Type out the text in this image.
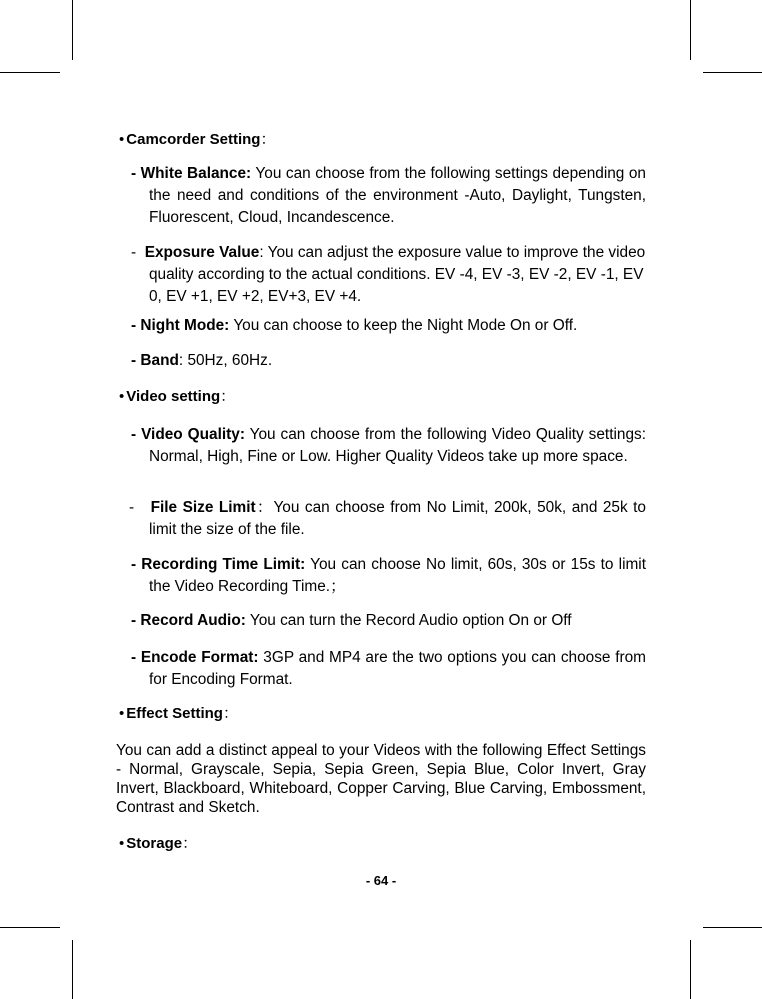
• Camcorder Setting：
- White Balance: You can choose from the following settings depending on the need and conditions of the environment -Auto, Daylight, Tungsten, Fluorescent, Cloud, Incandescence.
- Exposure Value: You can adjust the exposure value to improve the video quality according to the actual conditions. EV -4, EV -3, EV -2, EV -1, EV 0, EV +1, EV +2, EV+3, EV +4.
- Night Mode: You can choose to keep the Night Mode On or Off.
- Band: 50Hz, 60Hz.
• Video setting：
- Video Quality: You can choose from the following Video Quality settings: Normal, High, Fine or Low. Higher Quality Videos take up more space.
- File Size Limit：You can choose from No Limit, 200k, 50k, and 25k to limit the size of the file.
- Recording Time Limit: You can choose No limit, 60s, 30s or 15s to limit the Video Recording Time.；
- Record Audio: You can turn the Record Audio option On or Off
- Encode Format: 3GP and MP4 are the two options you can choose from for Encoding Format.
• Effect Setting：
You can add a distinct appeal to your Videos with the following Effect Settings - Normal, Grayscale, Sepia, Sepia Green, Sepia Blue, Color Invert, Gray Invert, Blackboard, Whiteboard, Copper Carving, Blue Carving, Embossment, Contrast and Sketch.
• Storage：
- 64 -
